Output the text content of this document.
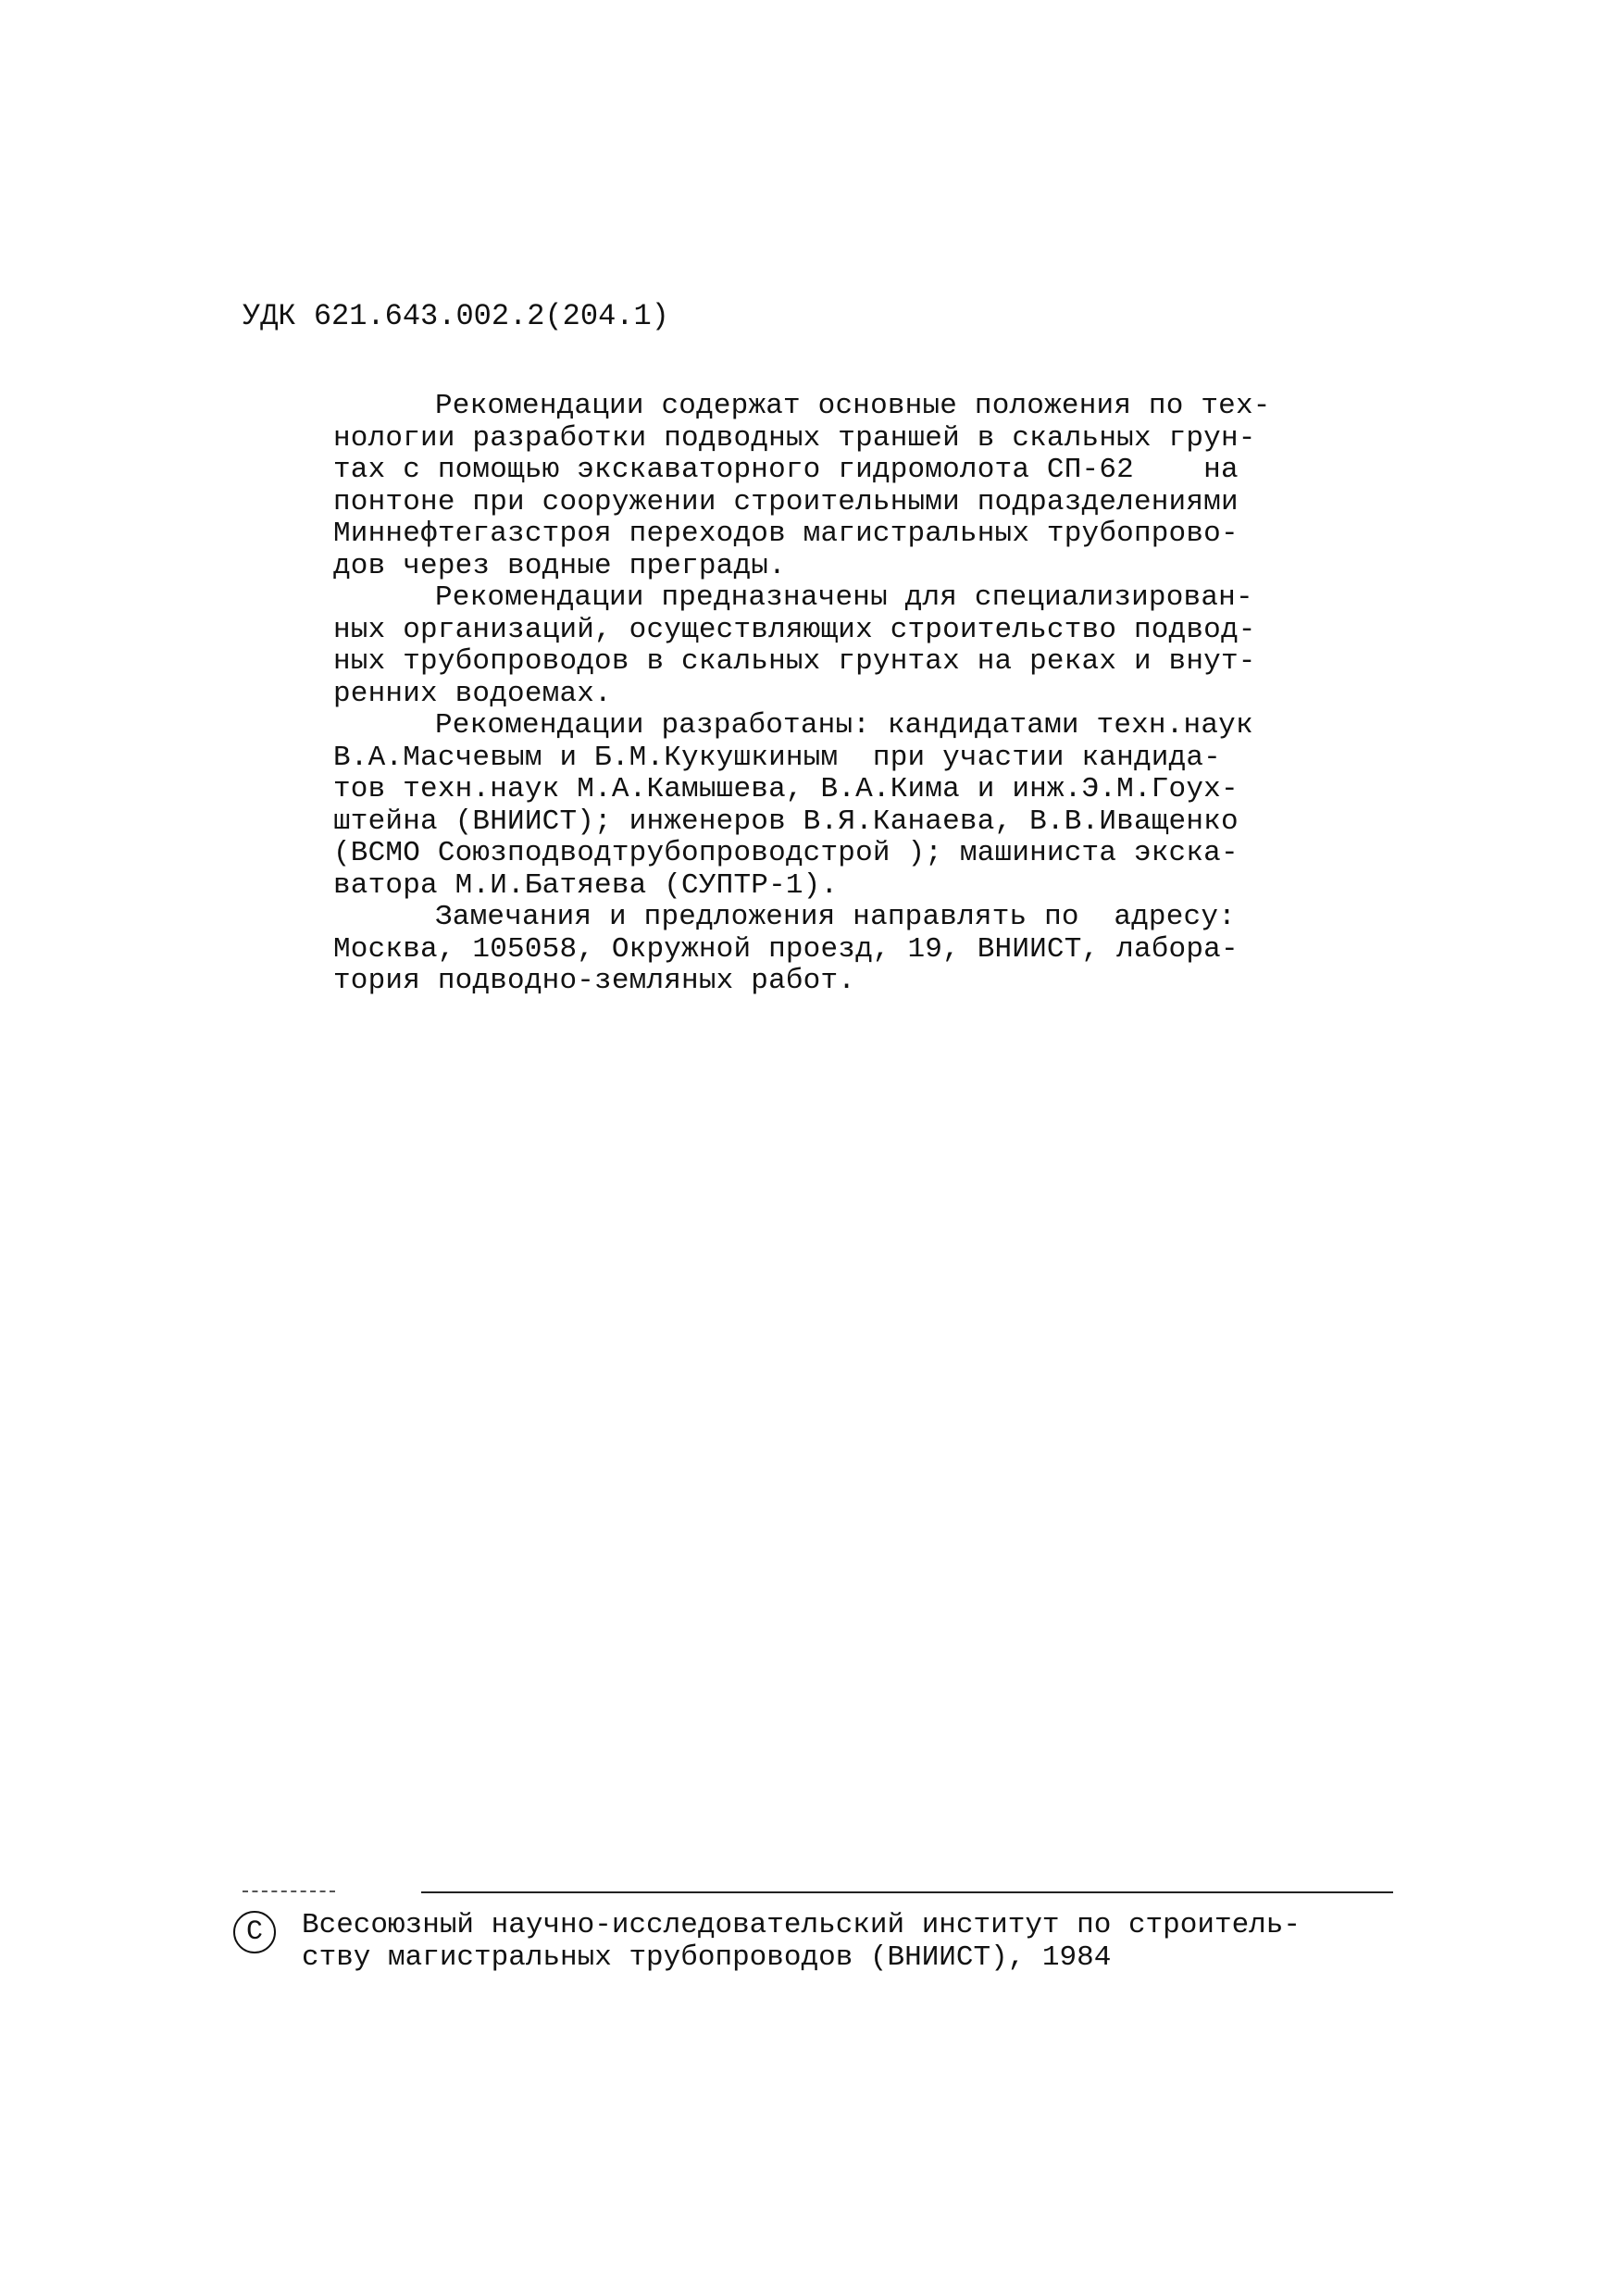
УДК 621.643.002.2(204.1)
Рекомендации содержат основные положения по тех-
нологии разработки подводных траншей в скальных грун-
тах с помощью экскаваторного гидромолота СП-62    на
понтоне при сооружении строительными подразделениями
Миннефтегазстроя переходов магистральных трубопрово-
дов через водные преграды.
Рекомендации предназначены для специализирован-
ных организаций, осуществляющих строительство подвод-
ных трубопроводов в скальных грунтах на реках и внут-
ренних водоемах.
Рекомендации разработаны: кандидатами техн.наук
В.А.Масчевым и Б.М.Кукушкиным  при участии кандида-
тов техн.наук М.А.Камышева, В.А.Кима и инж.Э.М.Гоух-
штейна (ВНИИСТ); инженеров В.Я.Канаева, В.В.Иващенко
(ВСМО Союзподводтрубопроводстрой ); машиниста экска-
ватора М.И.Батяева (СУПТР-1).
Замечания и предложения направлять по  адресу:
Москва, 105058, Окружной проезд, 19, ВНИИСТ, лабора-
тория подводно-земляных работ.
С	Всесоюзный научно-исследовательский институт по строитель-
ству магистральных трубопроводов (ВНИИСТ), 1984
